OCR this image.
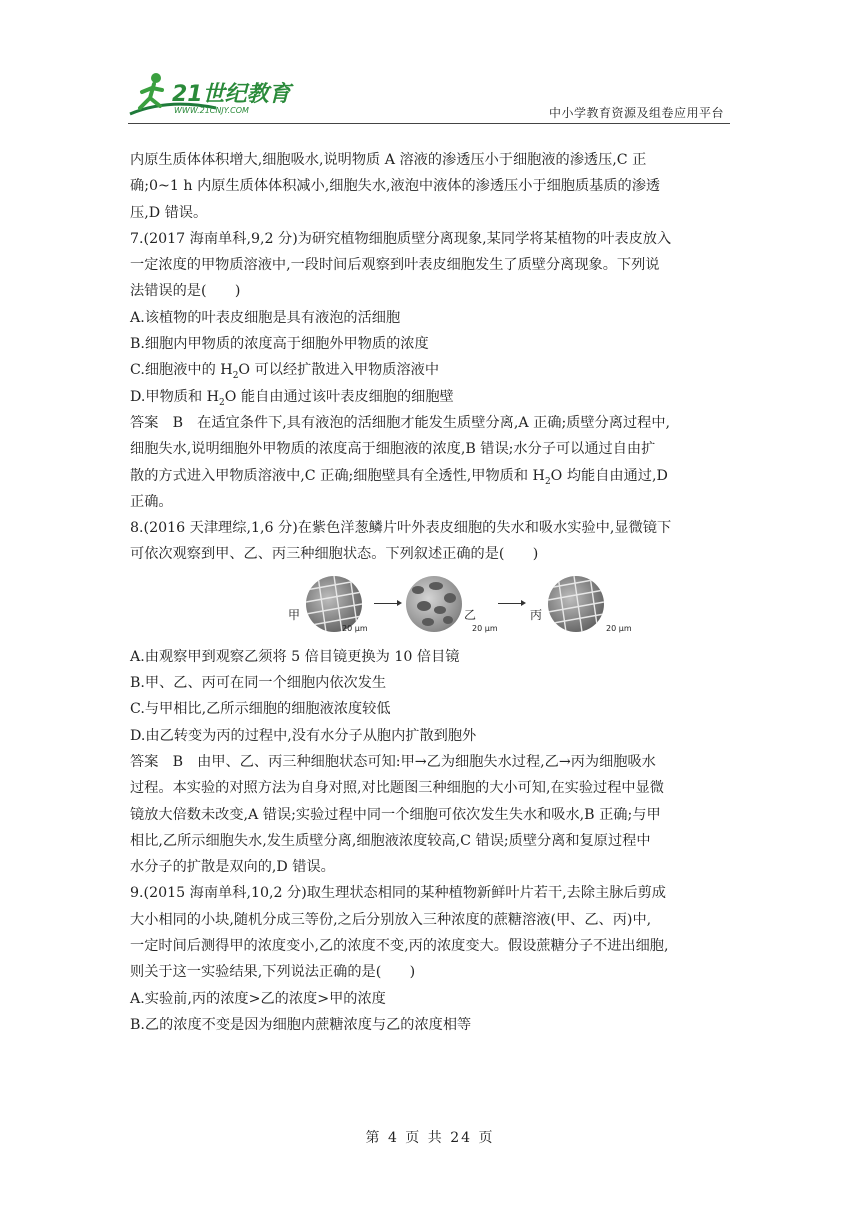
21世纪教育
WWW.21CNJY.COM	中小学教育资源及组卷应用平台

内原生质体体积增大,细胞吸水,说明物质 A 溶液的渗透压小于细胞液的渗透压,C 正

确;0~1 h 内原生质体体积减小,细胞失水,液泡中液体的渗透压小于细胞质基质的渗透

压,D 错误。

7.(2017 海南单科,9,2 分)为研究植物细胞质壁分离现象,某同学将某植物的叶表皮放入

一定浓度的甲物质溶液中,一段时间后观察到叶表皮细胞发生了质壁分离现象。下列说

法错误的是(　　)

A.该植物的叶表皮细胞是具有液泡的活细胞

B.细胞内甲物质的浓度高于细胞外甲物质的浓度

C.细胞液中的 $H_2O$ 可以经扩散进入甲物质溶液中

D.甲物质和 $H_2O$ 能自由通过该叶表皮细胞的细胞壁

答案　B　在适宜条件下,具有液泡的活细胞才能发生质壁分离,A 正确;质壁分离过程中,

细胞失水,说明细胞外甲物质的浓度高于细胞液的浓度,B 错误;水分子可以通过自由扩

散的方式进入甲物质溶液中,C 正确;细胞壁具有全透性,甲物质和 $H_2O$ 均能自由通过,D

正确。

8.(2016 天津理综,1,6 分)在紫色洋葱鳞片叶外表皮细胞的失水和吸水实验中,显微镜下

可依次观察到甲、乙、丙三种细胞状态。下列叙述正确的是(　　)

甲
20 μm
乙
20 μm
丙
20 μm

A.由观察甲到观察乙须将 5 倍目镜更换为 10 倍目镜

B.甲、乙、丙可在同一个细胞内依次发生

C.与甲相比,乙所示细胞的细胞液浓度较低

D.由乙转变为丙的过程中,没有水分子从胞内扩散到胞外

答案　B　由甲、乙、丙三种细胞状态可知:甲→乙为细胞失水过程,乙→丙为细胞吸水

过程。本实验的对照方法为自身对照,对比题图三种细胞的大小可知,在实验过程中显微

镜放大倍数未改变,A 错误;实验过程中同一个细胞可依次发生失水和吸水,B 正确;与甲

相比,乙所示细胞失水,发生质壁分离,细胞液浓度较高,C 错误;质壁分离和复原过程中

水分子的扩散是双向的,D 错误。

9.(2015 海南单科,10,2 分)取生理状态相同的某种植物新鲜叶片若干,去除主脉后剪成

大小相同的小块,随机分成三等份,之后分别放入三种浓度的蔗糖溶液(甲、乙、丙)中,

一定时间后测得甲的浓度变小,乙的浓度不变,丙的浓度变大。假设蔗糖分子不进出细胞,

则关于这一实验结果,下列说法正确的是(　　)

A.实验前,丙的浓度>乙的浓度>甲的浓度

B.乙的浓度不变是因为细胞内蔗糖浓度与乙的浓度相等

第 4 页 共 24 页
